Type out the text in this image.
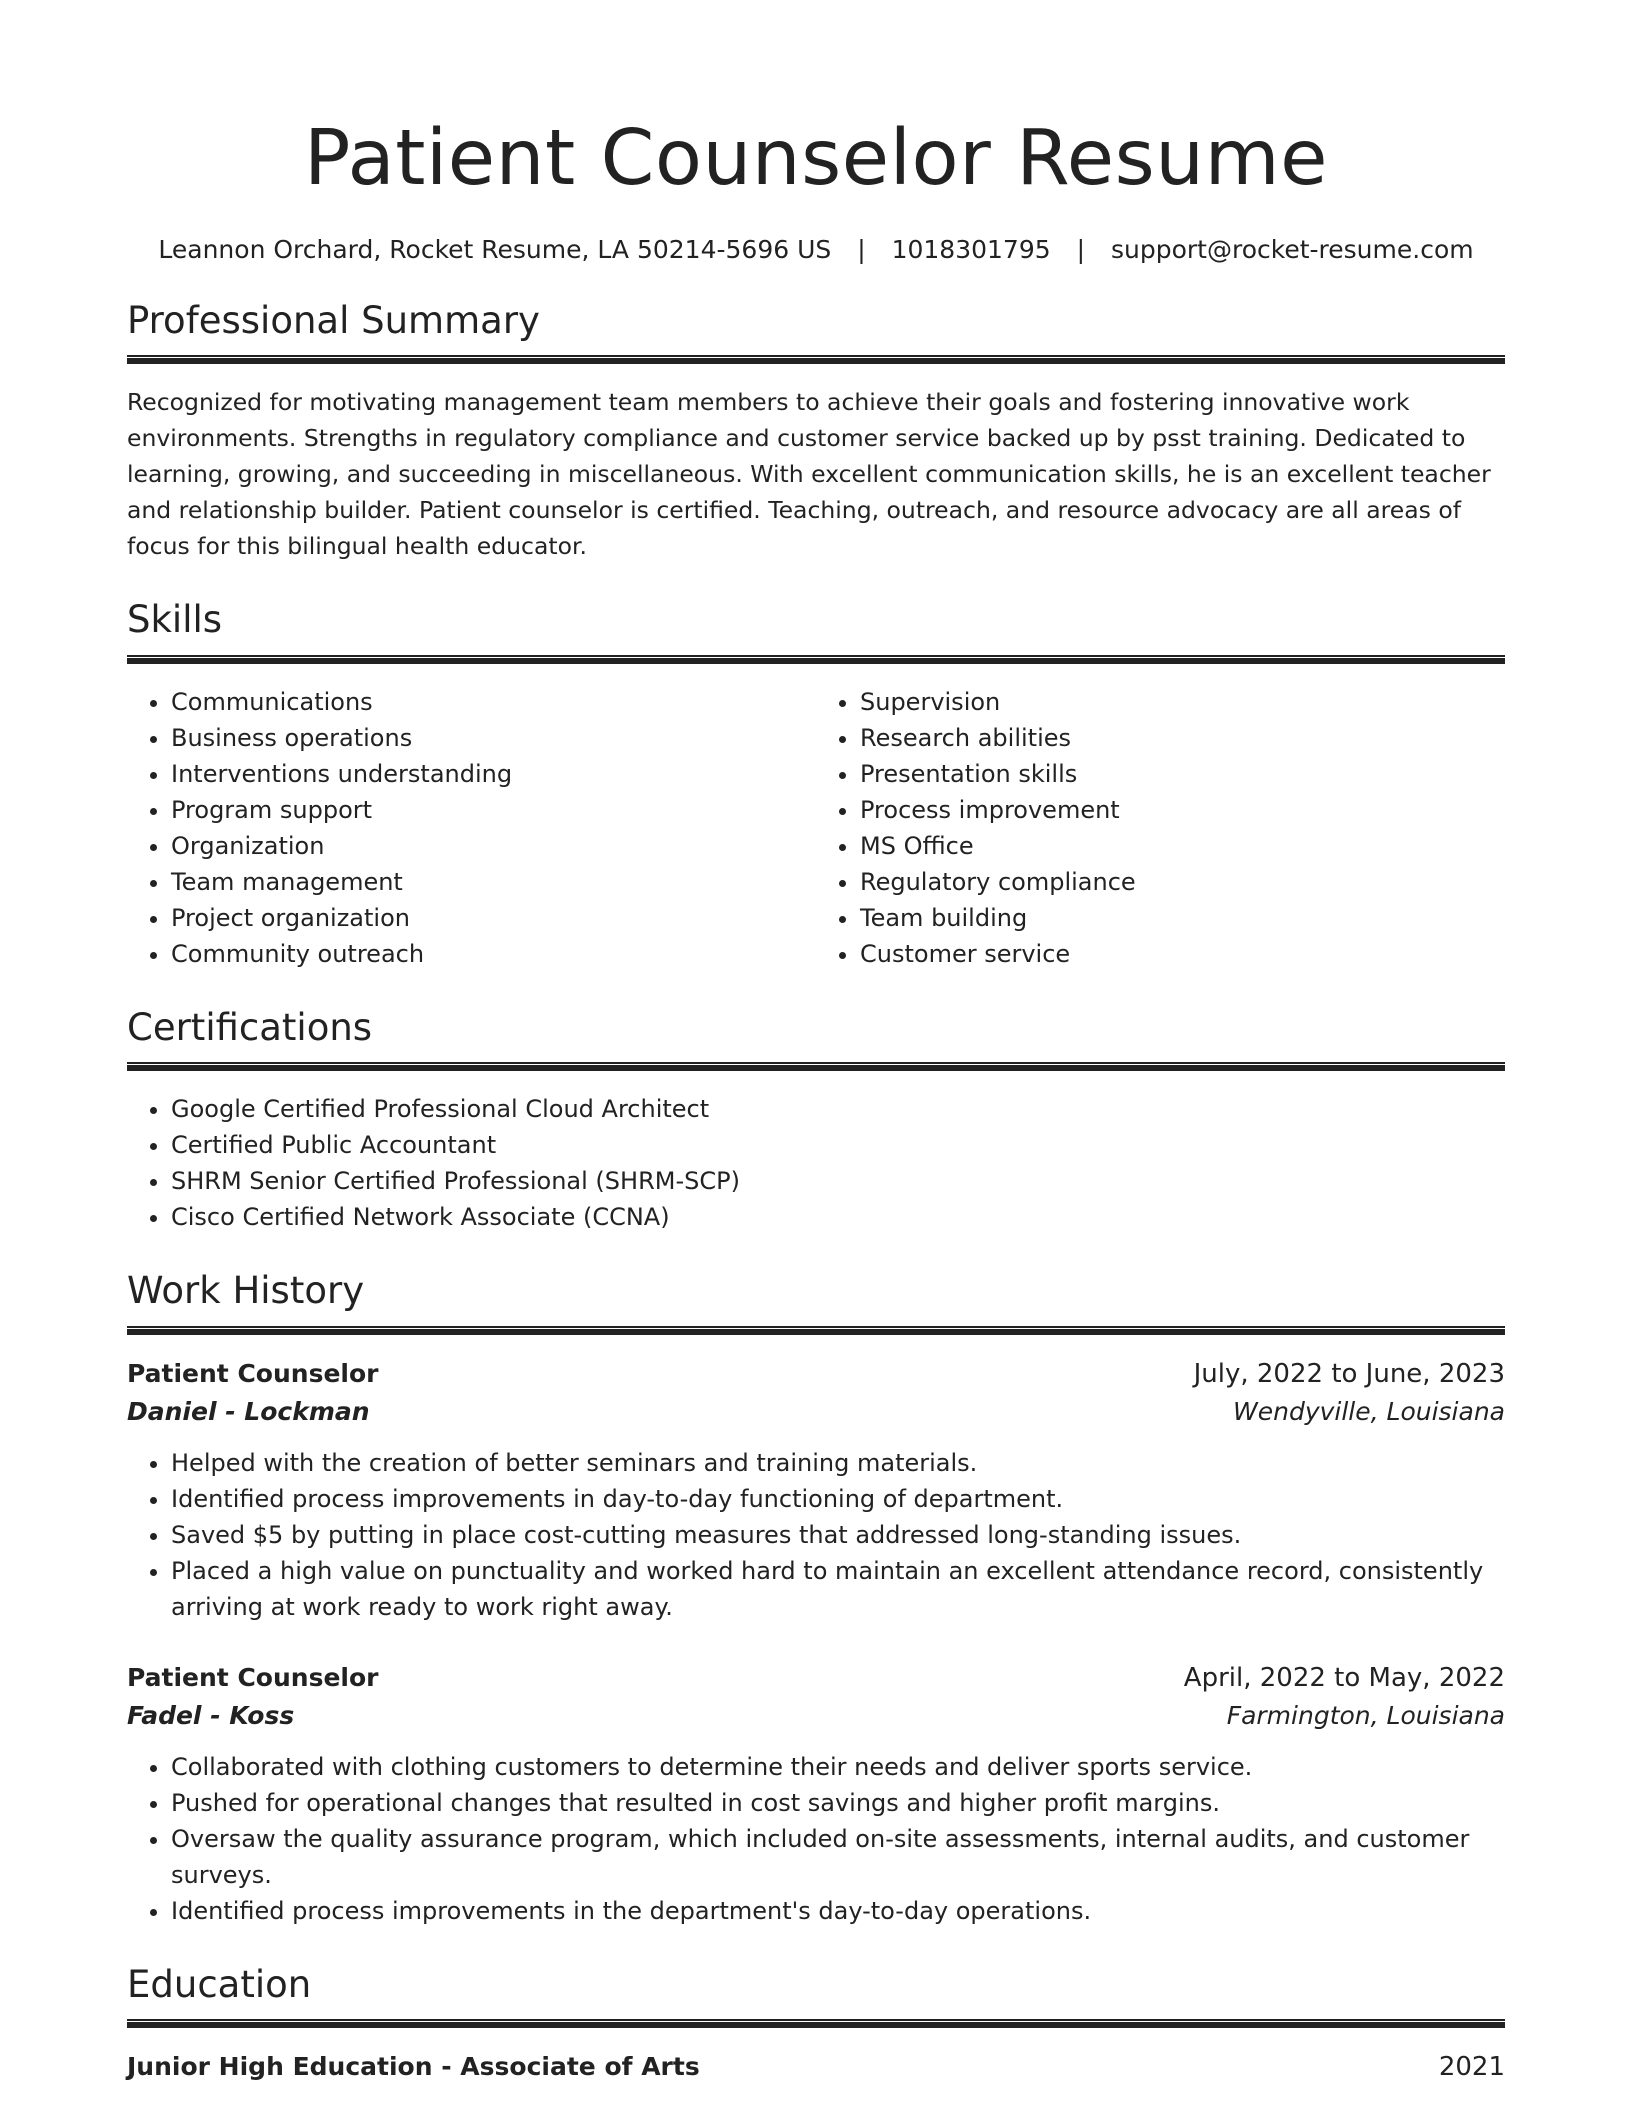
Patient Counselor Resume
Leannon Orchard, Rocket Resume, LA 50214-5696 US | 1018301795 | support@rocket-resume.com
Professional Summary

Recognized for motivating management team members to achieve their goals and fostering innovative work environments. Strengths in regulatory compliance and customer service backed up by psst training. Dedicated to learning, growing, and succeeding in miscellaneous. With excellent communication skills, he is an excellent teacher and relationship builder. Patient counselor is certified. Teaching, outreach, and resource advocacy are all areas of focus for this bilingual health educator.

Skills
• Communications
• Business operations
• Interventions understanding
• Program support
• Organization
• Team management
• Project organization
• Community outreach
• Supervision
• Research abilities
• Presentation skills
• Process improvement
• MS Office
• Regulatory compliance
• Team building
• Customer service
Certifications
• Google Certified Professional Cloud Architect
• Certified Public Accountant
• SHRM Senior Certified Professional (SHRM-SCP)
• Cisco Certified Network Associate (CCNA)
Work History
Patient Counselor	July, 2022 to June, 2023
Daniel - Lockman	Wendyville, Louisiana
• Helped with the creation of better seminars and training materials.
• Identified process improvements in day-to-day functioning of department.
• Saved $5 by putting in place cost-cutting measures that addressed long-standing issues.
• Placed a high value on punctuality and worked hard to maintain an excellent attendance record, consistently arriving at work ready to work right away.
Patient Counselor	April, 2022 to May, 2022
Fadel - Koss	Farmington, Louisiana
• Collaborated with clothing customers to determine their needs and deliver sports service.
• Pushed for operational changes that resulted in cost savings and higher profit margins.
• Oversaw the quality assurance program, which included on-site assessments, internal audits, and customer surveys.
• Identified process improvements in the department's day-to-day operations.
Education
Junior High Education - Associate of Arts	2021
